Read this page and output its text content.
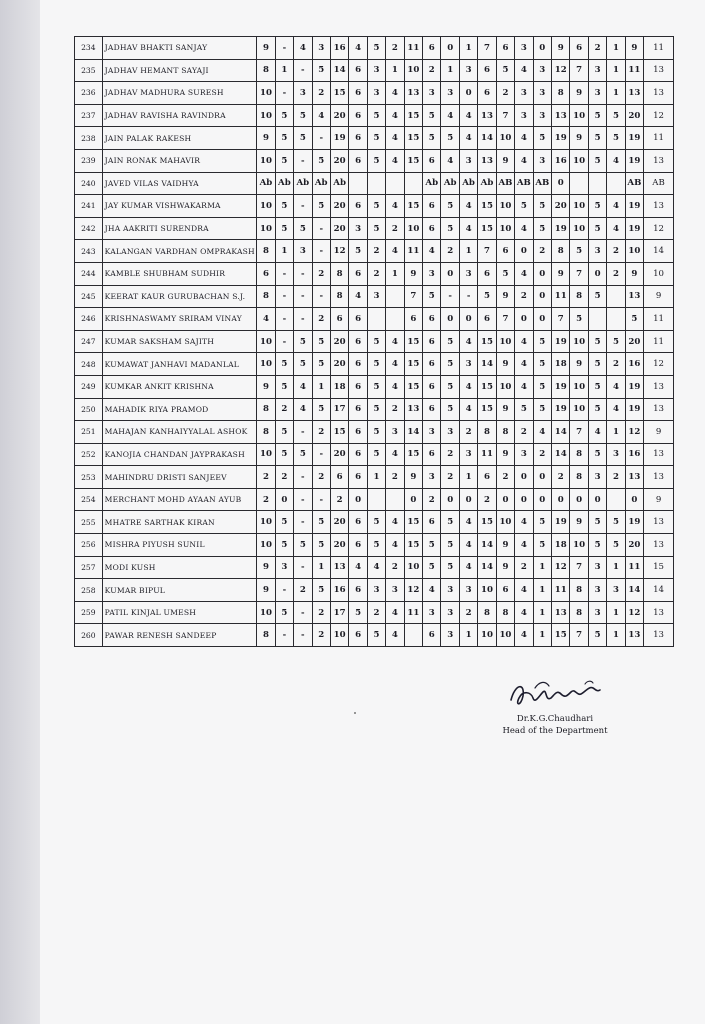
234	JADHAV BHAKTI SANJAY	9	-	4	3	16	4	5	2	11	6	0	1	7	6	3	0	9	6	2	1	9	11
235	JADHAV HEMANT SAYAJI	8	1	-	5	14	6	3	1	10	2	1	3	6	5	4	3	12	7	3	1	11	13
236	JADHAV MADHURA SURESH	10	-	3	2	15	6	3	4	13	3	3	0	6	2	3	3	8	9	3	1	13	13
237	JADHAV RAVISHA RAVINDRA	10	5	5	4	20	6	5	4	15	5	4	4	13	7	3	3	13	10	5	5	20	12
238	JAIN PALAK RAKESH	9	5	5	-	19	6	5	4	15	5	5	4	14	10	4	5	19	9	5	5	19	11
239	JAIN RONAK MAHAVIR	10	5	-	5	20	6	5	4	15	6	4	3	13	9	4	3	16	10	5	4	19	13
240	JAVED VILAS VAIDHYA	Ab	Ab	Ab	Ab	Ab					Ab	Ab	Ab	Ab	AB	AB	AB	0				AB	AB
241	JAY KUMAR VISHWAKARMA	10	5	-	5	20	6	5	4	15	6	5	4	15	10	5	5	20	10	5	4	19	13
242	JHA AAKRITI SURENDRA	10	5	5	-	20	3	5	2	10	6	5	4	15	10	4	5	19	10	5	4	19	12
243	KALANGAN VARDHAN OMPRAKASH	8	1	3	-	12	5	2	4	11	4	2	1	7	6	0	2	8	5	3	2	10	14
244	KAMBLE SHUBHAM SUDHIR	6	-	-	2	8	6	2	1	9	3	0	3	6	5	4	0	9	7	0	2	9	10
245	KEERAT KAUR GURUBACHAN S.J.	8	-	-	-	8	4	3		7	5	-	-	5	9	2	0	11	8	5		13	9
246	KRISHNASWAMY SRIRAM VINAY	4	-	-	2	6	6			6	6	0	0	6	7	0	0	7	5			5	11
247	KUMAR SAKSHAM SAJITH	10	-	5	5	20	6	5	4	15	6	5	4	15	10	4	5	19	10	5	5	20	11
248	KUMAWAT JANHAVI MADANLAL	10	5	5	5	20	6	5	4	15	6	5	3	14	9	4	5	18	9	5	2	16	12
249	KUMKAR ANKIT KRISHNA	9	5	4	1	18	6	5	4	15	6	5	4	15	10	4	5	19	10	5	4	19	13
250	MAHADIK RIYA PRAMOD	8	2	4	5	17	6	5	2	13	6	5	4	15	9	5	5	19	10	5	4	19	13
251	MAHAJAN KANHAIYYALAL ASHOK	8	5	-	2	15	6	5	3	14	3	3	2	8	8	2	4	14	7	4	1	12	9
252	KANOJIA CHANDAN JAYPRAKASH	10	5	5	-	20	6	5	4	15	6	2	3	11	9	3	2	14	8	5	3	16	13
253	MAHINDRU DRISTI SANJEEV	2	2	-	2	6	6	1	2	9	3	2	1	6	2	0	0	2	8	3	2	13	13
254	MERCHANT MOHD AYAAN AYUB	2	0	-	-	2	0			0	2	0	0	2	0	0	0	0	0	0		0	9
255	MHATRE SARTHAK KIRAN	10	5	-	5	20	6	5	4	15	6	5	4	15	10	4	5	19	9	5	5	19	13
256	MISHRA PIYUSH SUNIL	10	5	5	5	20	6	5	4	15	5	5	4	14	9	4	5	18	10	5	5	20	13
257	MODI KUSH	9	3	-	1	13	4	4	2	10	5	5	4	14	9	2	1	12	7	3	1	11	15
258	KUMAR BIPUL	9	-	2	5	16	6	3	3	12	4	3	3	10	6	4	1	11	8	3	3	14	14
259	PATIL KINJAL UMESH	10	5	-	2	17	5	2	4	11	3	3	2	8	8	4	1	13	8	3	1	12	13
260	PAWAR RENESH SANDEEP	8	-	-	2	10	6	5	4		6	3	1	10	10	4	1	15	7	5	1	13	13
Dr.K.G.Chaudhari
Head of the Department
